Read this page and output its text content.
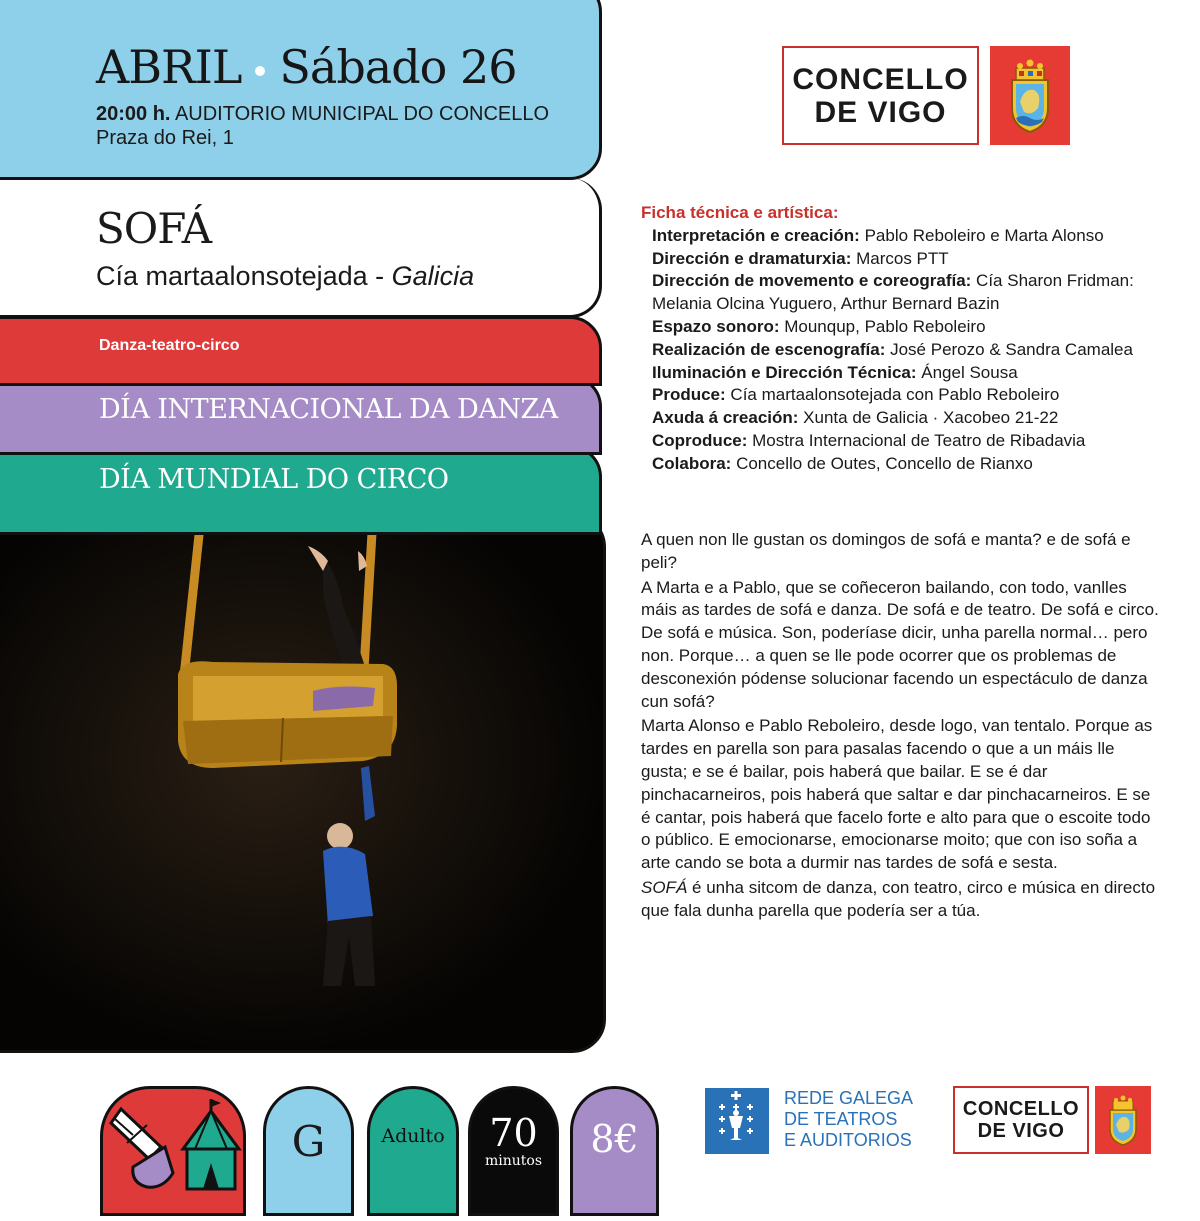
CONCELLO
DE VIGO
DÍA MUNDIAL DO CIRCO
DÍA INTERNACIONAL DA DANZA
Danza-teatro-circo
ABRIL Sábado 26
20:00 h. AUDITORIO MUNICIPAL DO CONCELLO
Praza do Rei, 1
SOFÁ
Cía martaalonsotejada - Galicia
Ficha técnica e artística:
Interpretación e creación: Pablo Reboleiro e Marta Alonso
Dirección e dramaturxia: Marcos PTT
Dirección de movemento e coreografía: Cía Sharon Fridman: Melania Olcina Yuguero, Arthur Bernard Bazin
Espazo sonoro: Mounqup, Pablo Reboleiro
Realización de escenografía: José Perozo & Sandra Camalea
Iluminación e Dirección Técnica: Ángel Sousa
Produce: Cía martaalonsotejada con Pablo Reboleiro
Axuda á creación: Xunta de Galicia · Xacobeo 21-22
Coproduce: Mostra Internacional de Teatro de Ribadavia
Colabora: Concello de Outes, Concello de Rianxo

A quen non lle gustan os domingos de sofá e manta? e de sofá e peli?

A Marta e a Pablo, que se coñeceron bailando, con todo, vanlles máis as tardes de sofá e danza. De sofá e de teatro. De sofá e circo. De sofá e música. Son, poderíase dicir, unha parella normal… pero non. Porque… a quen se lle pode ocorrer que os problemas de desconexión pódense solucionar facendo un espectáculo de danza cun sofá?

Marta Alonso e Pablo Reboleiro, desde logo, van tentalo. Porque as tardes en parella son para pasalas facendo o que a un máis lle gusta; e se é bailar, pois haberá que bailar. E se é dar pinchacarneiros, pois haberá que saltar e dar pinchacarneiros. E se é cantar, pois haberá que facelo forte e alto para que o escoite todo o público. E emocionarse, emocionarse moito; que con iso soña a arte cando se bota a durmir nas tardes de sofá e sesta.

SOFÁ é unha sitcom de danza, con teatro, circo e música en directo que fala dunha parella que podería ser a túa.

G	Adulto	70
minutos	8€
REDE GALEGA
DE TEATROS
E AUDITORIOS
CONCELLO
DE VIGO
